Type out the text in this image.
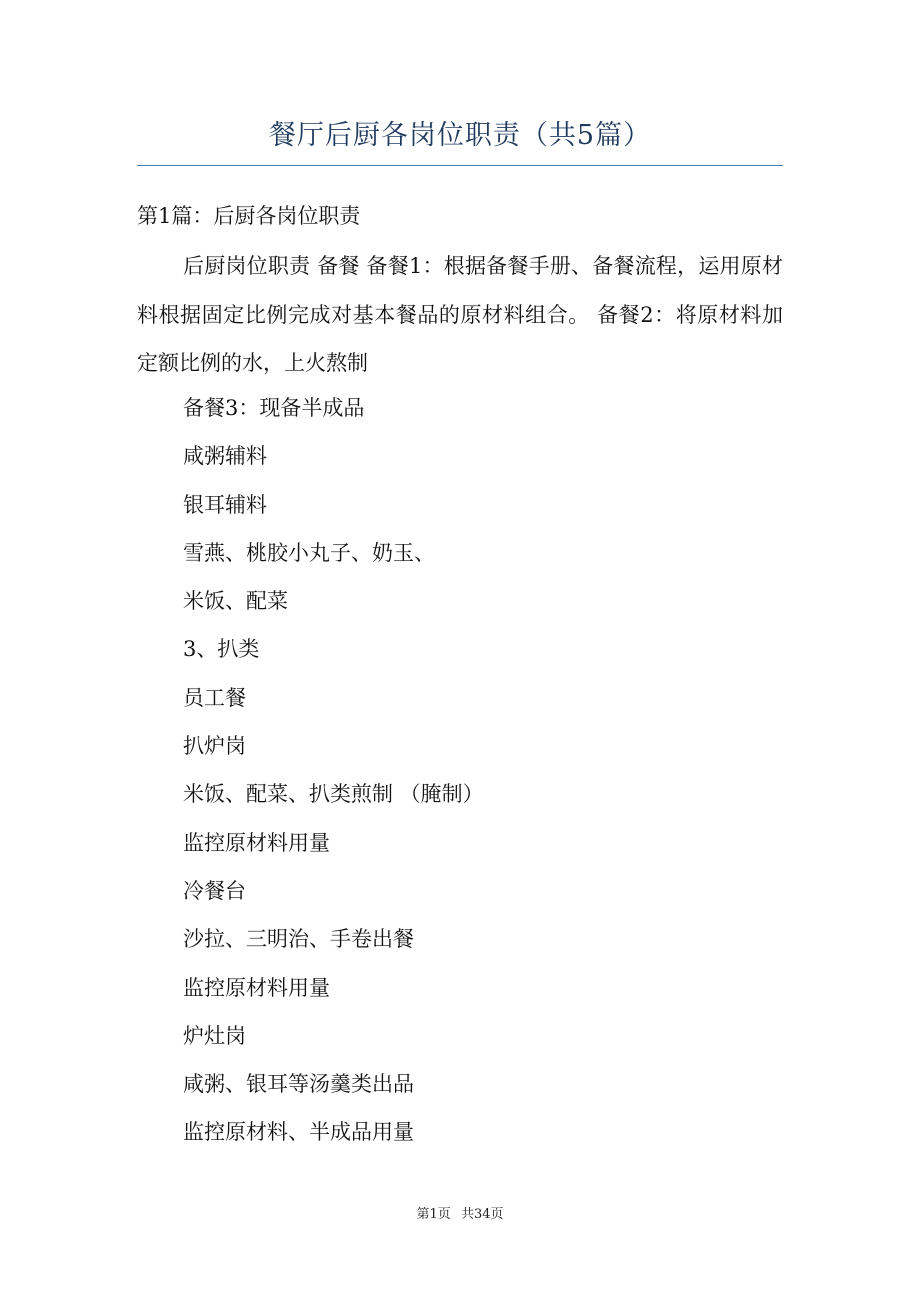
餐厅后厨各岗位职责（共5篇）
第1篇：后厨各岗位职责

后厨岗位职责 备餐 备餐1：根据备餐手册、备餐流程，运用原材料根据固定比例完成对基本餐品的原材料组合。 备餐2：将原材料加定额比例的水，上火熬制

备餐3：现备半成品
咸粥辅料
银耳辅料
雪燕、桃胶小丸子、奶玉、
米饭、配菜
3、扒类
员工餐
扒炉岗
米饭、配菜、扒类煎制 （腌制）
监控原材料用量
冷餐台
沙拉、三明治、手卷出餐
监控原材料用量
炉灶岗
咸粥、银耳等汤羹类出品
监控原材料、半成品用量
第1页 共34页
